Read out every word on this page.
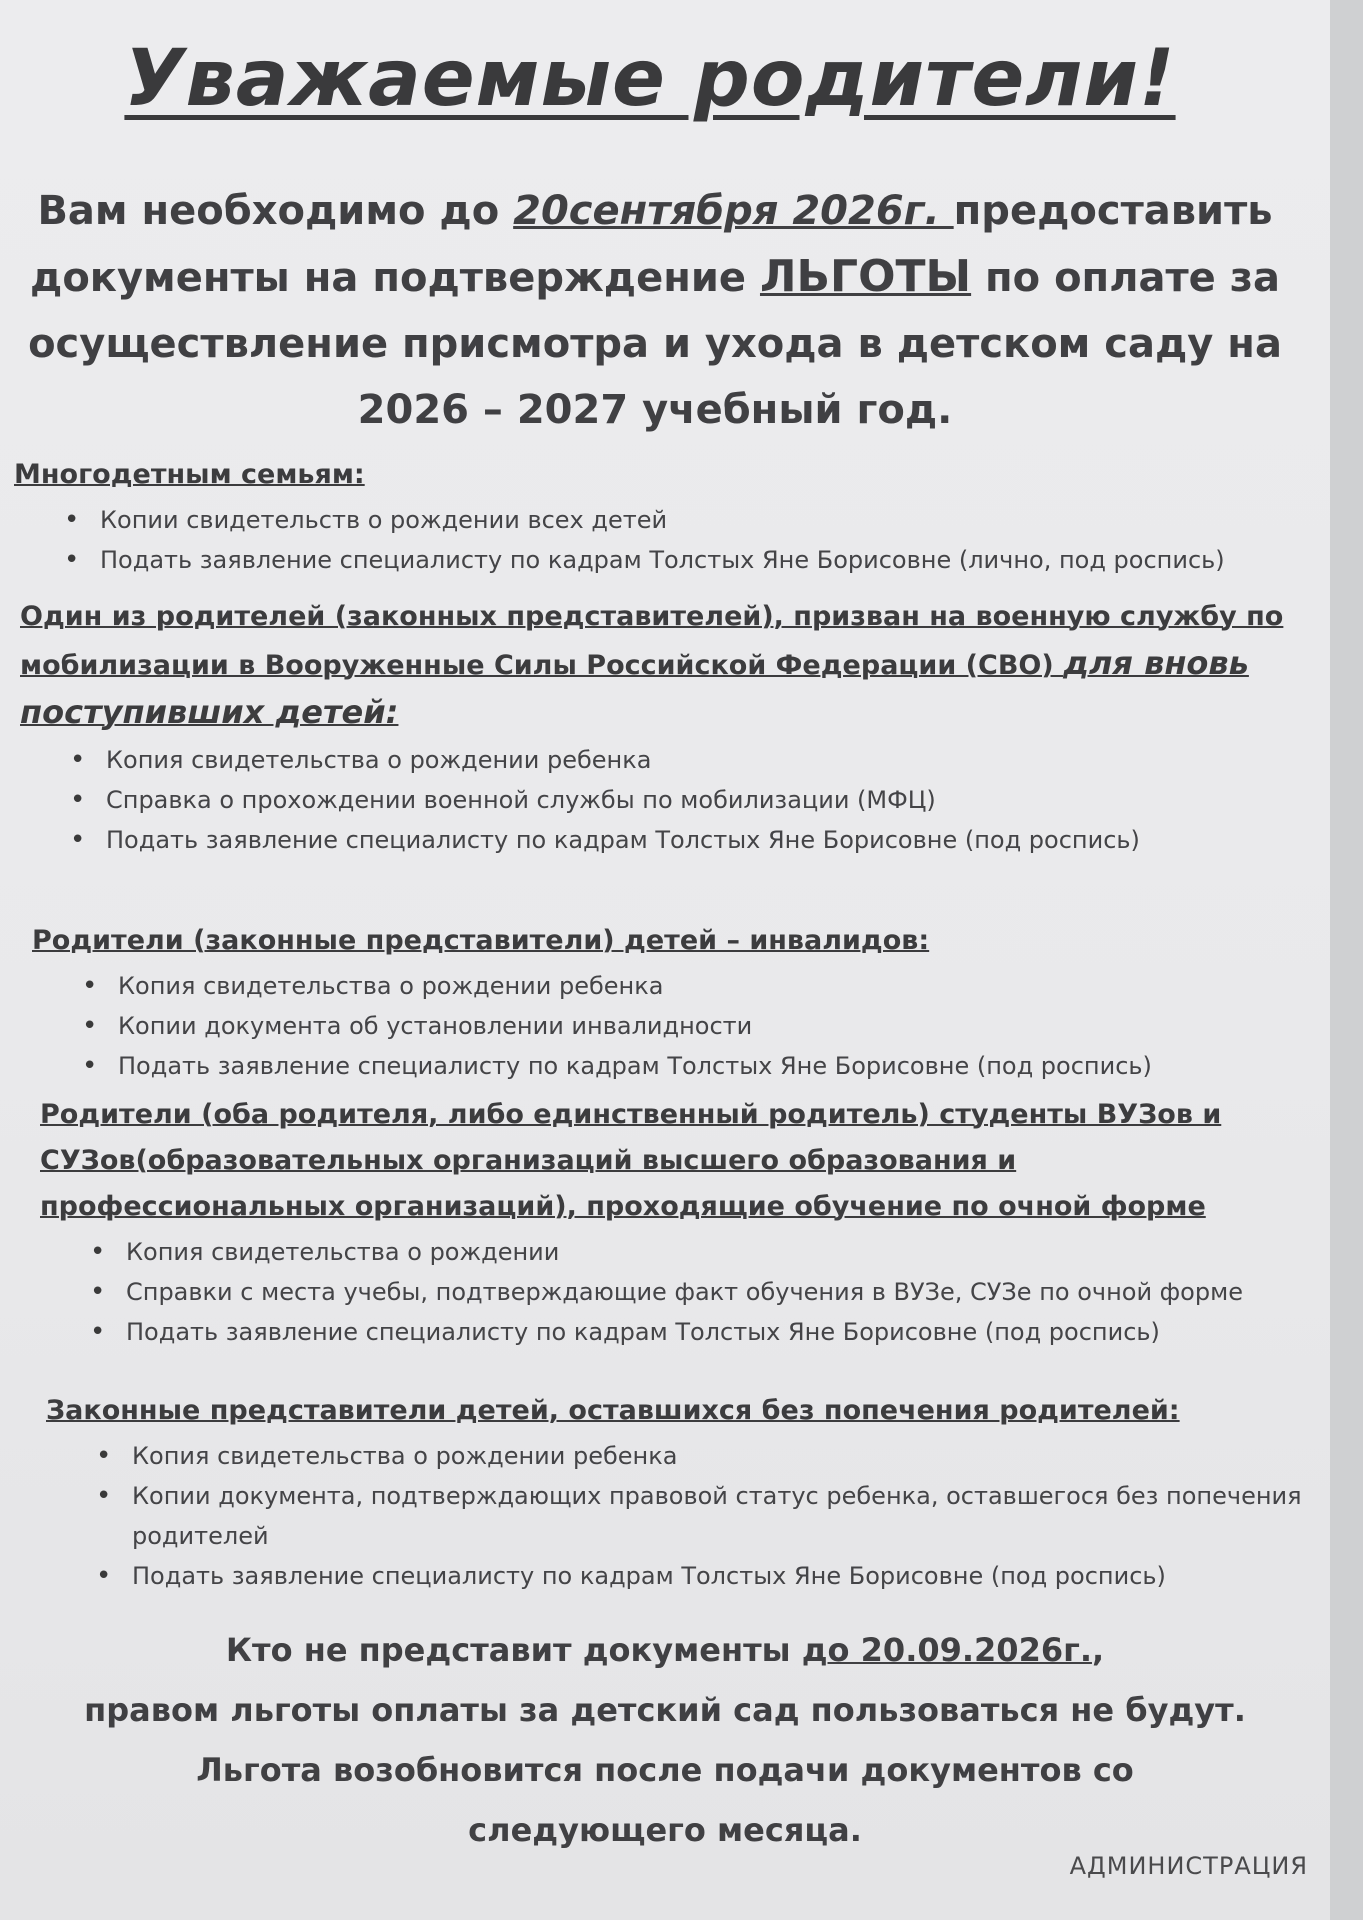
Уважаемые родители!
Вам необходимо до 20сентября 2026г. предоставить документы на подтверждение ЛЬГОТЫ по оплате за осуществление присмотра и ухода в детском саду на 2026 – 2027 учебный год.

Многодетным семьям:

• Копии свидетельств о рождении всех детей
• Подать заявление специалисту по кадрам Толстых Яне Борисовне (лично, под роспись)

Один из родителей (законных представителей), призван на военную службу по мобилизации в Вооруженные Силы Российской Федерации (СВО) для вновь поступивших детей:

• Копия свидетельства о рождении ребенка
• Справка о прохождении военной службы по мобилизации (МФЦ)
• Подать заявление специалисту по кадрам Толстых Яне Борисовне (под роспись)

Родители (законные представители) детей – инвалидов:

• Копия свидетельства о рождении ребенка
• Копии документа об установлении инвалидности
• Подать заявление специалисту по кадрам Толстых Яне Борисовне (под роспись)

Родители (оба родителя, либо единственный родитель) студенты ВУЗов и СУЗов(образовательных организаций высшего образования и профессиональных организаций), проходящие обучение по очной форме

• Копия свидетельства о рождении
• Справки с места учебы, подтверждающие факт обучения в ВУЗе, СУЗе по очной форме
• Подать заявление специалисту по кадрам Толстых Яне Борисовне (под роспись)

Законные представители детей, оставшихся без попечения родителей:

• Копия свидетельства о рождении ребенка
• Копии документа, подтверждающих правовой статус ребенка, оставшегося без попечения родителей
• Подать заявление специалисту по кадрам Толстых Яне Борисовне (под роспись)

Кто не представит документы до 20.09.2026г.,

правом льготы оплаты за детский сад пользоваться не будут.

Льгота возобновится после подачи документов со

следующего месяца.

АДМИНИСТРАЦИЯ
